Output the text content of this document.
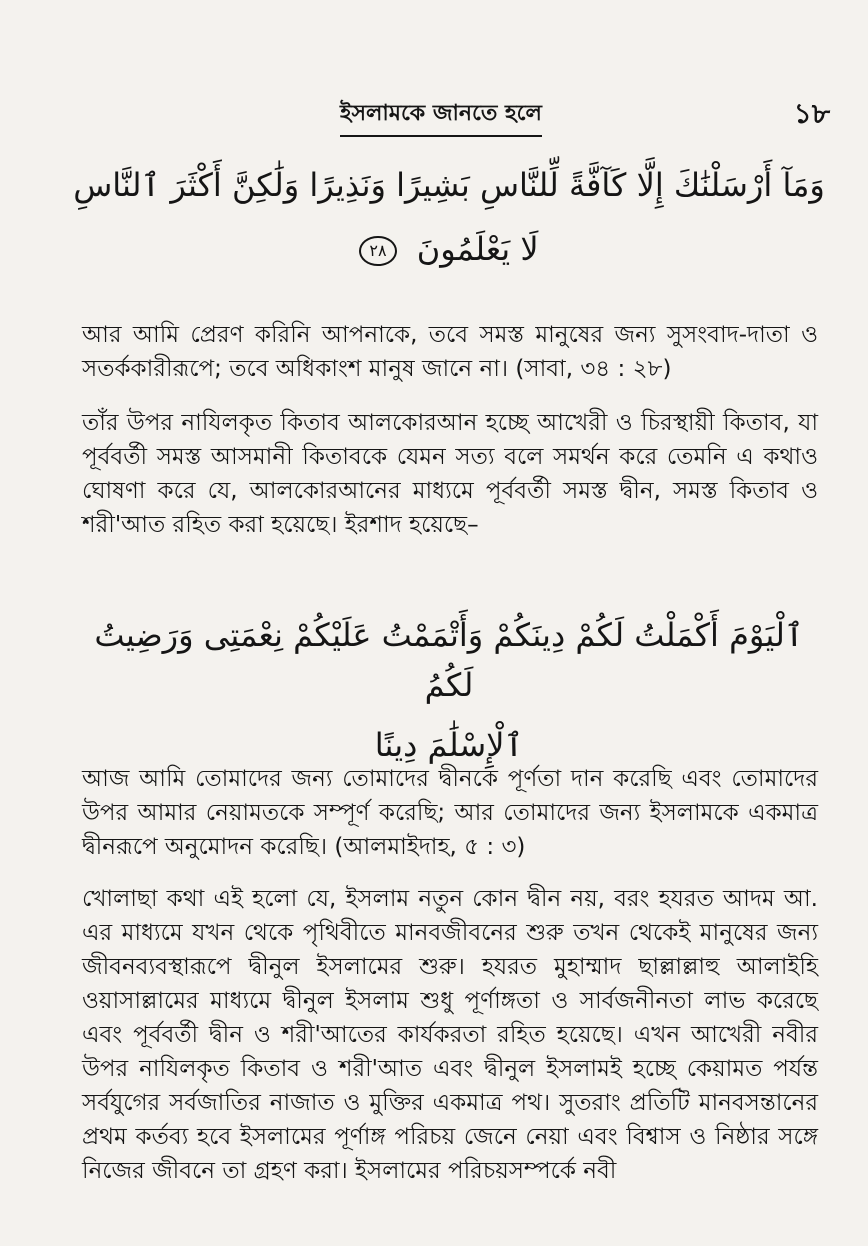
ইসলামকে জানতে হলে	১৮
وَمَآ أَرْسَلْنَٰكَ إِلَّا كَآفَّةً لِّلنَّاسِ بَشِيرًا وَنَذِيرًا وَلَٰكِنَّ أَكْثَرَ ٱلنَّاسِ
لَا يَعْلَمُونَ ٢٨

আর আমি প্রেরণ করিনি আপনাকে, তবে সমস্ত মানুষের জন্য সুসংবাদ-দাতা ও সতর্ককারীরূপে; তবে অধিকাংশ মানুষ জানে না। (সাবা, ৩৪ : ২৮)

তাঁর উপর নাযিলকৃত কিতাব আলকোরআন হচ্ছে আখেরী ও চিরস্থায়ী কিতাব, যা পূর্ববর্তী সমস্ত আসমানী কিতাবকে যেমন সত্য বলে সমর্থন করে তেমনি এ কথাও ঘোষণা করে যে, আলকোরআনের মাধ্যমে পূর্ববর্তী সমস্ত দ্বীন, সমস্ত কিতাব ও শরী'আত রহিত করা হয়েছে। ইরশাদ হয়েছে–

ٱلْيَوْمَ أَكْمَلْتُ لَكُمْ دِينَكُمْ وَأَتْمَمْتُ عَلَيْكُمْ نِعْمَتِى وَرَضِيتُ لَكُمُ
ٱلْإِسْلَٰمَ دِينًا

আজ আমি তোমাদের জন্য তোমাদের দ্বীনকে পূর্ণতা দান করেছি এবং তোমাদের উপর আমার নেয়ামতকে সম্পূর্ণ করেছি; আর তোমাদের জন্য ইসলামকে একমাত্র দ্বীনরূপে অনুমোদন করেছি। (আলমাইদাহ, ৫ : ৩)

খোলাছা কথা এই হলো যে, ইসলাম নতুন কোন দ্বীন নয়, বরং হযরত আদম আ. এর মাধ্যমে যখন থেকে পৃথিবীতে মানবজীবনের শুরু তখন থেকেই মানুষের জন্য জীবনব্যবস্থারূপে দ্বীনুল ইসলামের শুরু। হযরত মুহাম্মাদ ছাল্লাল্লাহু আলাইহি ওয়াসাল্লামের মাধ্যমে দ্বীনুল ইসলাম শুধু পূর্ণাঙ্গতা ও সার্বজনীনতা লাভ করেছে এবং পূর্ববর্তী দ্বীন ও শরী'আতের কার্যকরতা রহিত হয়েছে। এখন আখেরী নবীর উপর নাযিলকৃত কিতাব ও শরী'আত এবং দ্বীনুল ইসলামই হচ্ছে কেয়ামত পর্যন্ত সর্বযুগের সর্বজাতির নাজাত ও মুক্তির একমাত্র পথ। সুতরাং প্রতিটি মানবসন্তানের প্রথম কর্তব্য হবে ইসলামের পূর্ণাঙ্গ পরিচয় জেনে নেয়া এবং বিশ্বাস ও নিষ্ঠার সঙ্গে নিজের জীবনে তা গ্রহণ করা। ইসলামের পরিচয়সম্পর্কে নবী
